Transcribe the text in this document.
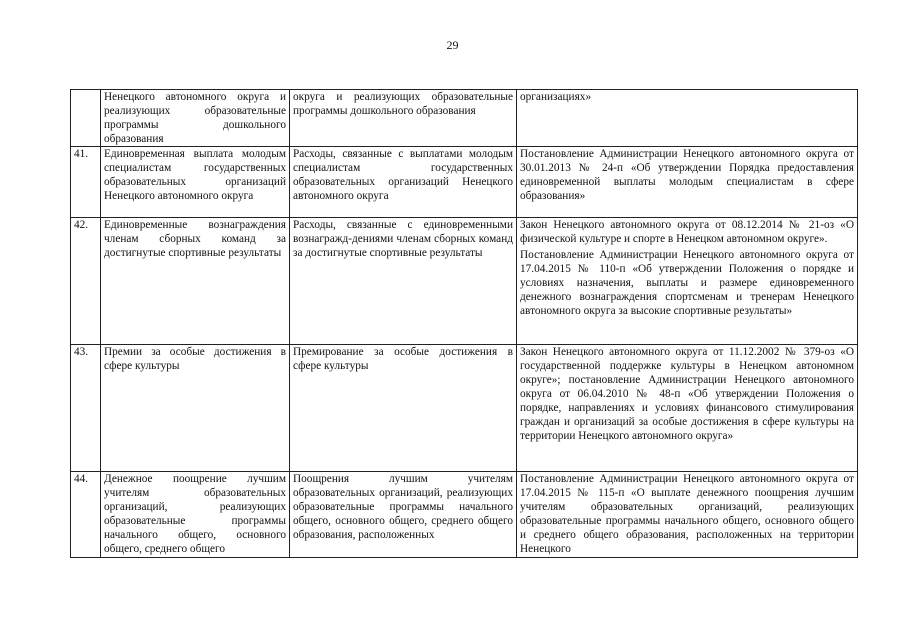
29
	Ненецкого автономного округа и реализующих образовательные программы дошкольного образования	округа и реализующих образовательные программы дошкольного образования	организациях»

41.	Единовременная выплата молодым специалистам государственных образовательных организаций Ненецкого автономного округа	Расходы, связанные с выплатами молодым специалистам государственных образовательных организаций Ненецкого автономного округа	Постановление Администрации Ненецкого автономного округа от 30.01.2013 № 24-п «Об утверждении Порядка предоставления единовременной выплаты молодым специалистам в сфере образования»

42.	Единовременные вознаграждения членам сборных команд за достигнутые спортивные результаты	Расходы, связанные с единовременными вознагражд-дениями членам сборных команд за достигнутые спортивные результаты	Закон Ненецкого автономного округа от 08.12.2014 № 21-оз «О физической культуре и спорте в Ненецком автономном округе».
Постановление Администрации Ненецкого автономного округа от 17.04.2015 № 110-п «Об утверждении Положения о порядке и условиях назначения, выплаты и размере единовременного денежного вознаграждения спортсменам и тренерам Ненецкого автономного округа за высокие спортивные результаты»

43.	Премии за особые достижения в сфере культуры	Премирование за особые достижения в сфере культуры	Закон Ненецкого автономного округа от 11.12.2002 № 379-оз «О государственной поддержке культуры в Ненецком автономном округе»; постановление Администрации Ненецкого автономного округа от 06.04.2010 № 48-п «Об утверждении Положения о порядке, направлениях и условиях финансового стимулирования граждан и организаций за особые достижения в сфере культуры на территории Ненецкого автономного округа»

44.	Денежное поощрение лучшим учителям образовательных организаций, реализующих образовательные программы начального общего, основного общего, среднего общего	Поощрения лучшим учителям образовательных организаций, реализующих образовательные программы начального общего, основного общего, среднего общего образования, расположенных	Постановление Администрации Ненецкого автономного округа от 17.04.2015 № 115-п «О выплате денежного поощрения лучшим учителям образовательных организаций, реализующих образовательные программы начального общего, основного общего и среднего общего образования, расположенных на территории Ненецкого
